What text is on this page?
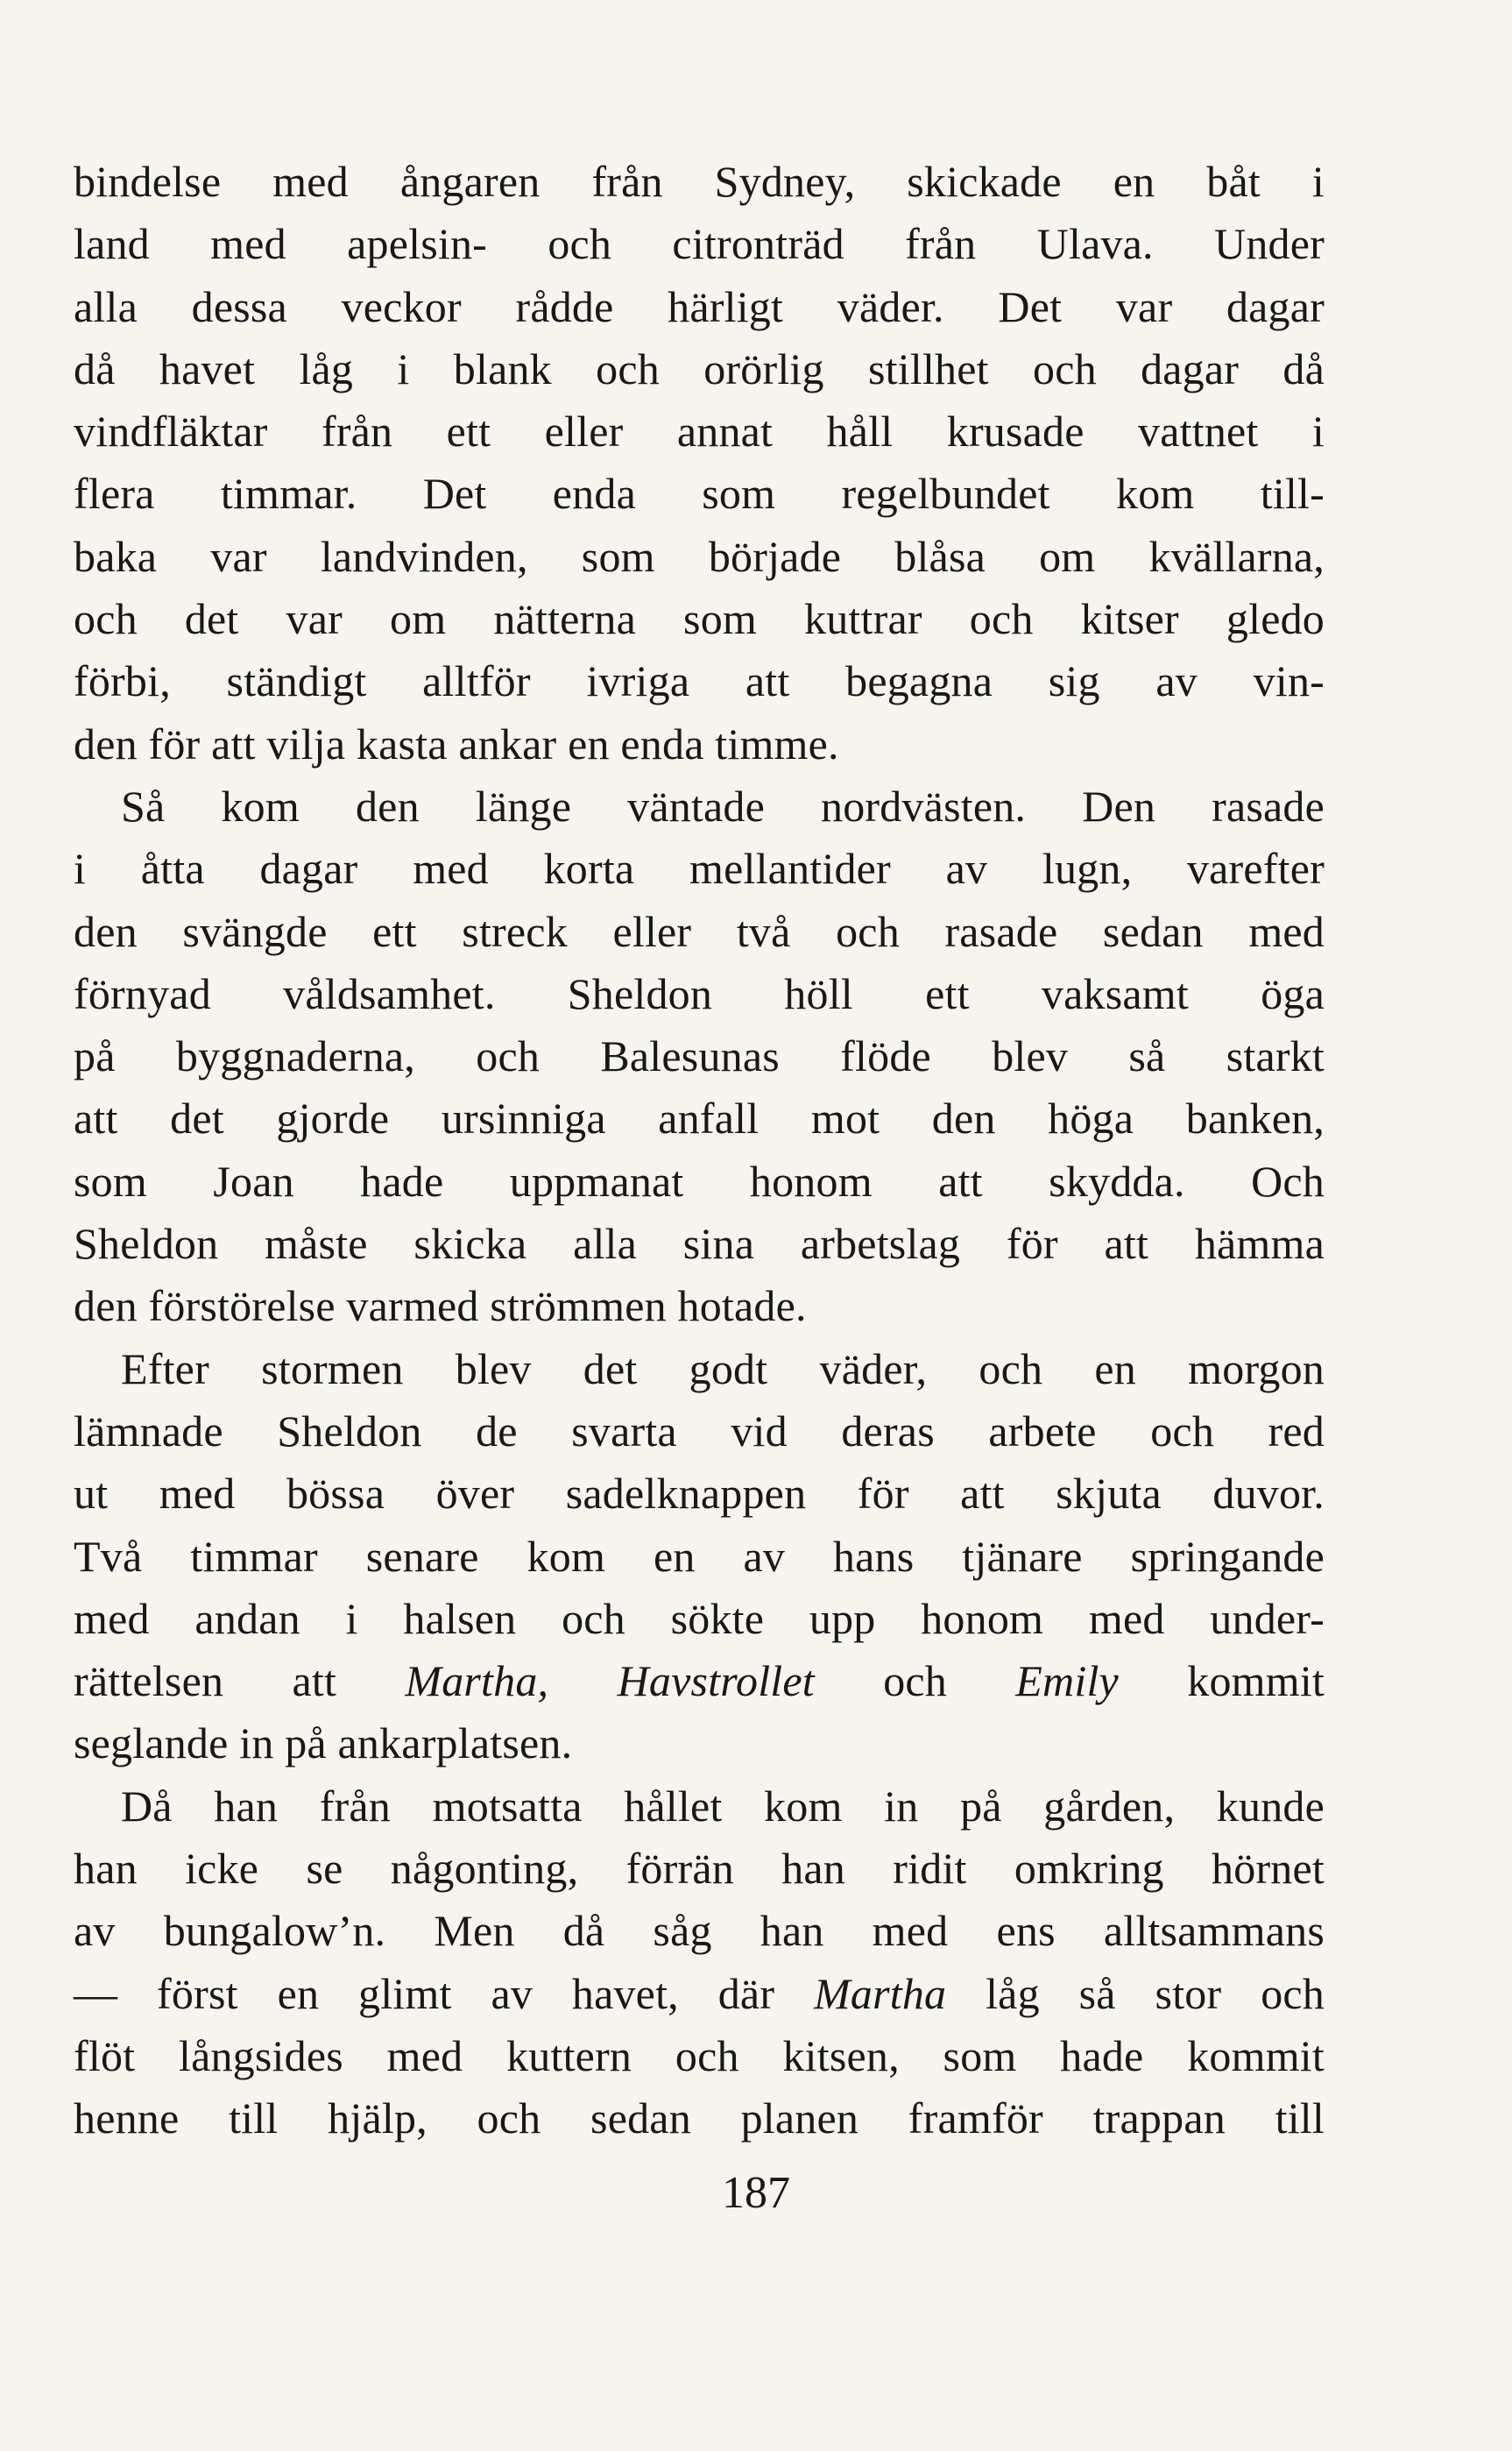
bindelse med ångaren från Sydney, skickade en båt i
land med apelsin- och citronträd från Ulava. Under
alla dessa veckor rådde härligt väder. Det var dagar
då havet låg i blank och orörlig stillhet och dagar då
vindfläktar från ett eller annat håll krusade vattnet i
flera timmar. Det enda som regelbundet kom till-
baka var landvinden, som började blåsa om kvällarna,
och det var om nätterna som kuttrar och kitser gledo
förbi, ständigt alltför ivriga att begagna sig av vin-
den för att vilja kasta ankar en enda timme.
Så kom den länge väntade nordvästen. Den rasade
i åtta dagar med korta mellantider av lugn, varefter
den svängde ett streck eller två och rasade sedan med
förnyad våldsamhet. Sheldon höll ett vaksamt öga
på byggnaderna, och Balesunas flöde blev så starkt
att det gjorde ursinniga anfall mot den höga banken,
som Joan hade uppmanat honom att skydda. Och
Sheldon måste skicka alla sina arbetslag för att hämma
den förstörelse varmed strömmen hotade.
Efter stormen blev det godt väder, och en morgon
lämnade Sheldon de svarta vid deras arbete och red
ut med bössa över sadelknappen för att skjuta duvor.
Två timmar senare kom en av hans tjänare springande
med andan i halsen och sökte upp honom med under-
rättelsen att Martha, Havstrollet och Emily kommit
seglande in på ankarplatsen.
Då han från motsatta hållet kom in på gården, kunde
han icke se någonting, förrän han ridit omkring hörnet
av bungalow’n. Men då såg han med ens alltsammans
— först en glimt av havet, där Martha låg så stor och
flöt långsides med kuttern och kitsen, som hade kommit
henne till hjälp, och sedan planen framför trappan till
187
